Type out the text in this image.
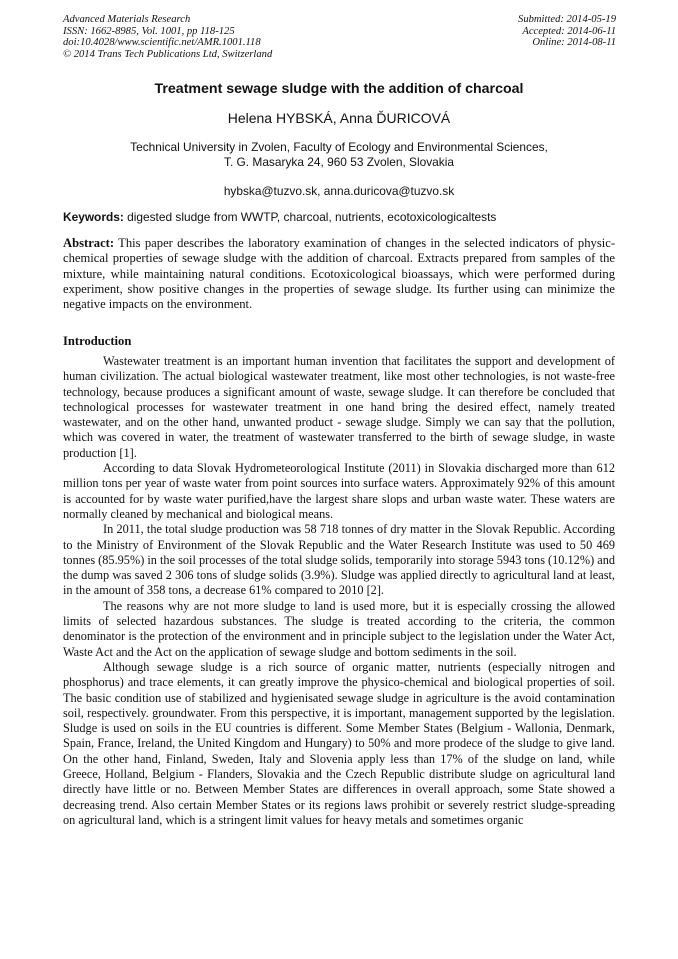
Advanced Materials Research
ISSN: 1662-8985, Vol. 1001, pp 118-125
doi:10.4028/www.scientific.net/AMR.1001.118
© 2014 Trans Tech Publications Ltd, Switzerland
Submitted: 2014-05-19
Accepted: 2014-06-11
Online: 2014-08-11
Treatment sewage sludge with the addition of charcoal
Helena HYBSKÁ, Anna ĎURICOVÁ
Technical University in Zvolen, Faculty of Ecology and Environmental Sciences,
T. G. Masaryka 24, 960 53 Zvolen, Slovakia
hybska@tuzvo.sk, anna.duricova@tuzvo.sk
Keywords: digested sludge from WWTP, charcoal, nutrients, ecotoxicologicaltests
Abstract: This paper describes the laboratory examination of changes in the selected indicators of physic-chemical properties of sewage sludge with the addition of charcoal. Extracts prepared from samples of the mixture, while maintaining natural conditions. Ecotoxicological bioassays, which were performed during experiment, show positive changes in the properties of sewage sludge. Its further using can minimize the negative impacts on the environment.
Introduction

Wastewater treatment is an important human invention that facilitates the support and development of human civilization. The actual biological wastewater treatment, like most other technologies, is not waste-free technology, because produces a significant amount of waste, sewage sludge. It can therefore be concluded that technological processes for wastewater treatment in one hand bring the desired effect, namely treated wastewater, and on the other hand, unwanted product - sewage sludge. Simply we can say that the pollution, which was covered in water, the treatment of wastewater transferred to the birth of sewage sludge, in waste production [1].

According to data Slovak Hydrometeorological Institute (2011) in Slovakia discharged more than 612 million tons per year of waste water from point sources into surface waters. Approximately 92% of this amount is accounted for by waste water purified,have the largest share slops and urban waste water. These waters are normally cleaned by mechanical and biological means.

In 2011, the total sludge production was 58 718 tonnes of dry matter in the Slovak Republic. According to the Ministry of Environment of the Slovak Republic and the Water Research Institute was used to 50 469 tonnes (85.95%) in the soil processes of the total sludge solids, temporarily into storage 5943 tons (10.12%) and the dump was saved 2 306 tons of sludge solids (3.9%). Sludge was applied directly to agricultural land at least, in the amount of 358 tons, a decrease 61% compared to 2010 [2].

The reasons why are not more sludge to land is used more, but it is especially crossing the allowed limits of selected hazardous substances. The sludge is treated according to the criteria, the common denominator is the protection of the environment and in principle subject to the legislation under the Water Act, Waste Act and the Act on the application of sewage sludge and bottom sediments in the soil.

Although sewage sludge is a rich source of organic matter, nutrients (especially nitrogen and phosphorus) and trace elements, it can greatly improve the physico-chemical and biological properties of soil. The basic condition use of stabilized and hygienisated sewage sludge in agriculture is the avoid contamination soil, respectively. groundwater. From this perspective, it is important, management supported by the legislation. Sludge is used on soils in the EU countries is different. Some Member States (Belgium - Wallonia, Denmark, Spain, France, Ireland, the United Kingdom and Hungary) to 50% and more prodece of the sludge to give land. On the other hand, Finland, Sweden, Italy and Slovenia apply less than 17% of the sludge on land, while Greece, Holland, Belgium - Flanders, Slovakia and the Czech Republic distribute sludge on agricultural land directly have little or no. Between Member States are differences in overall approach, some State showed a decreasing trend. Also certain Member States or its regions laws prohibit or severely restrict sludge-spreading on agricultural land, which is a stringent limit values for heavy metals and sometimes organic
